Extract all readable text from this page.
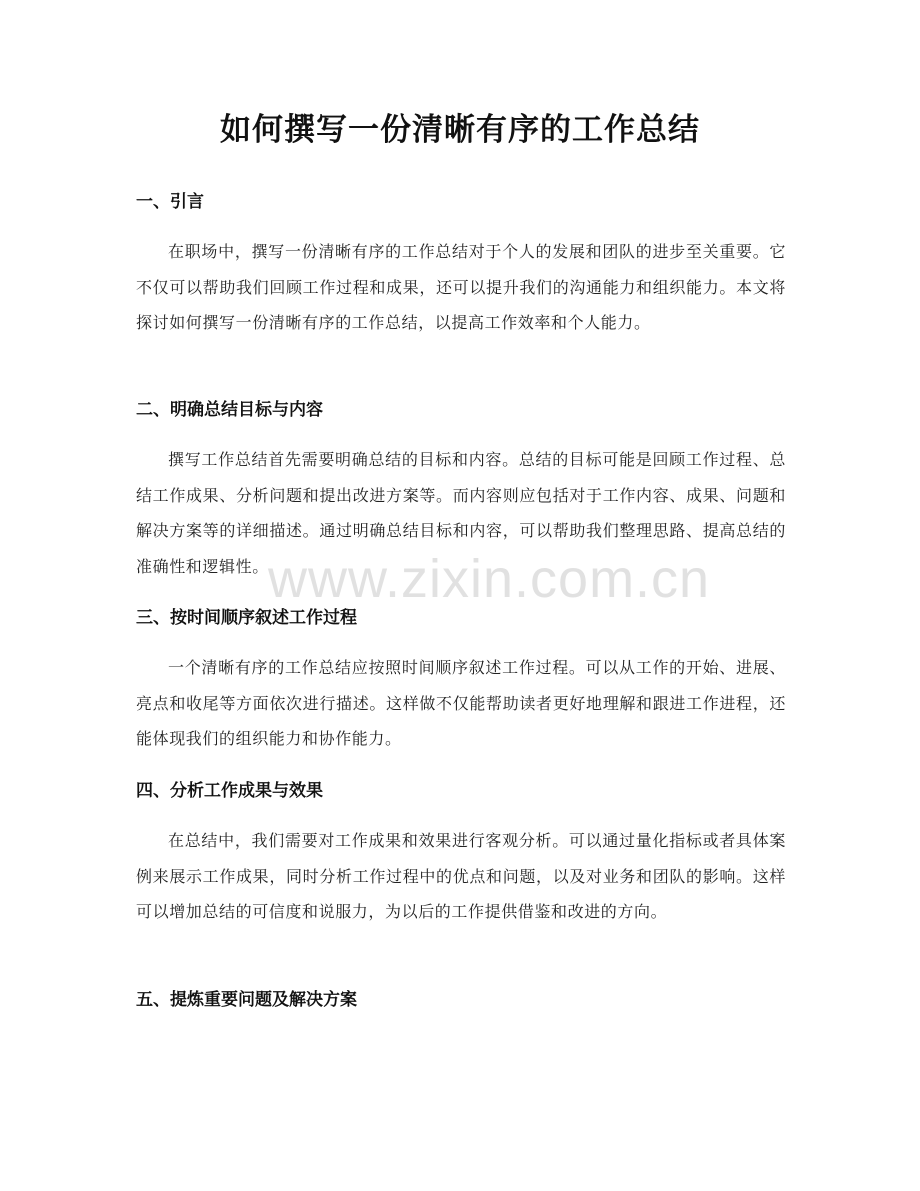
如何撰写一份清晰有序的工作总结
一、引言

在职场中，撰写一份清晰有序的工作总结对于个人的发展和团队的进步至关重要。它不仅可以帮助我们回顾工作过程和成果，还可以提升我们的沟通能力和组织能力。本文将探讨如何撰写一份清晰有序的工作总结，以提高工作效率和个人能力。

二、明确总结目标与内容

撰写工作总结首先需要明确总结的目标和内容。总结的目标可能是回顾工作过程、总结工作成果、分析问题和提出改进方案等。而内容则应包括对于工作内容、成果、问题和解决方案等的详细描述。通过明确总结目标和内容，可以帮助我们整理思路、提高总结的准确性和逻辑性。

三、按时间顺序叙述工作过程

一个清晰有序的工作总结应按照时间顺序叙述工作过程。可以从工作的开始、进展、亮点和收尾等方面依次进行描述。这样做不仅能帮助读者更好地理解和跟进工作进程，还能体现我们的组织能力和协作能力。

四、分析工作成果与效果

在总结中，我们需要对工作成果和效果进行客观分析。可以通过量化指标或者具体案例来展示工作成果，同时分析工作过程中的优点和问题，以及对业务和团队的影响。这样可以增加总结的可信度和说服力，为以后的工作提供借鉴和改进的方向。

五、提炼重要问题及解决方案
www.zixin.com.cn
